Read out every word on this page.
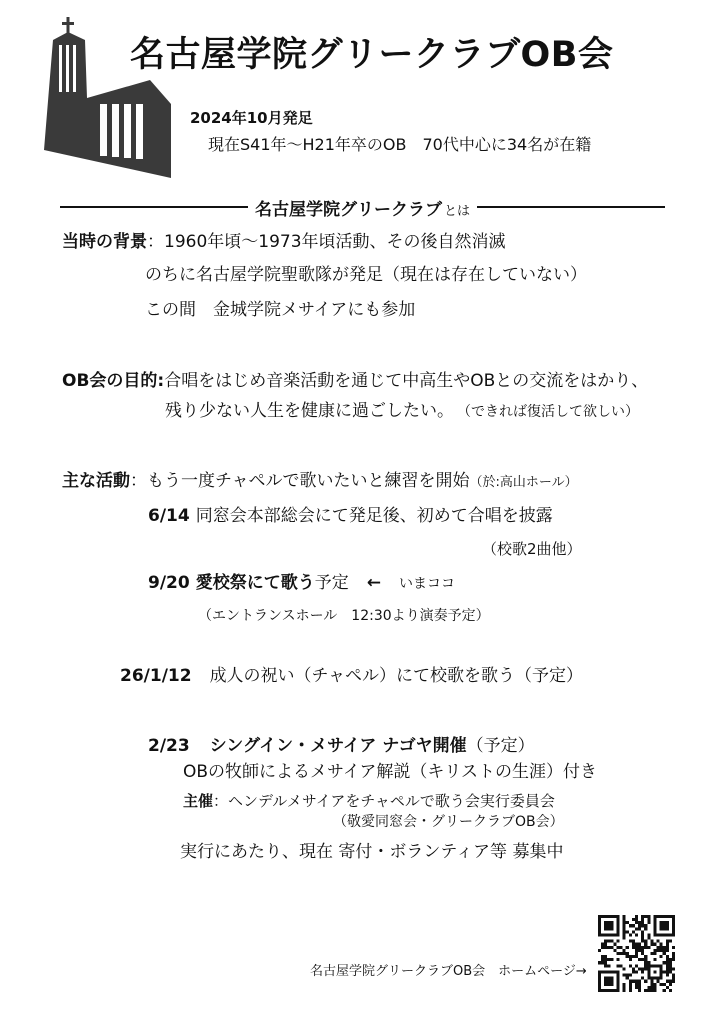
名古屋学院グリークラブOB会
2024年10月発足
現在S41年〜H21年卒のOB　70代中心に34名が在籍
名古屋学院グリークラブ とは
当時の背景：1960年頃〜1973年頃活動、その後自然消滅
のちに名古屋学院聖歌隊が発足（現在は存在していない）
この間　金城学院メサイアにも参加
OB会の目的:合唱をはじめ音楽活動を通じて中高生やOBとの交流をはかり、
残り少ない人生を健康に過ごしたい。 （できれば復活して欲しい）
主な活動：もう一度チャペルで歌いたいと練習を開始（於:高山ホール）
6/14 同窓会本部総会にて発足後、初めて合唱を披露
（校歌2曲他）
9/20 愛校祭にて歌う予定 ← いまココ
（エントランスホール　12:30より演奏予定）
26/1/12 成人の祝い（チャペル）にて校歌を歌う（予定）
2/23 シングイン・メサイア ナゴヤ開催（予定）
OBの牧師によるメサイア解説（キリストの生涯）付き
主催：ヘンデルメサイアをチャペルで歌う会実行委員会
（敬愛同窓会・グリークラブOB会）
実行にあたり、現在 寄付・ボランティア等 募集中
名古屋学院グリークラブOB会　ホームページ→
